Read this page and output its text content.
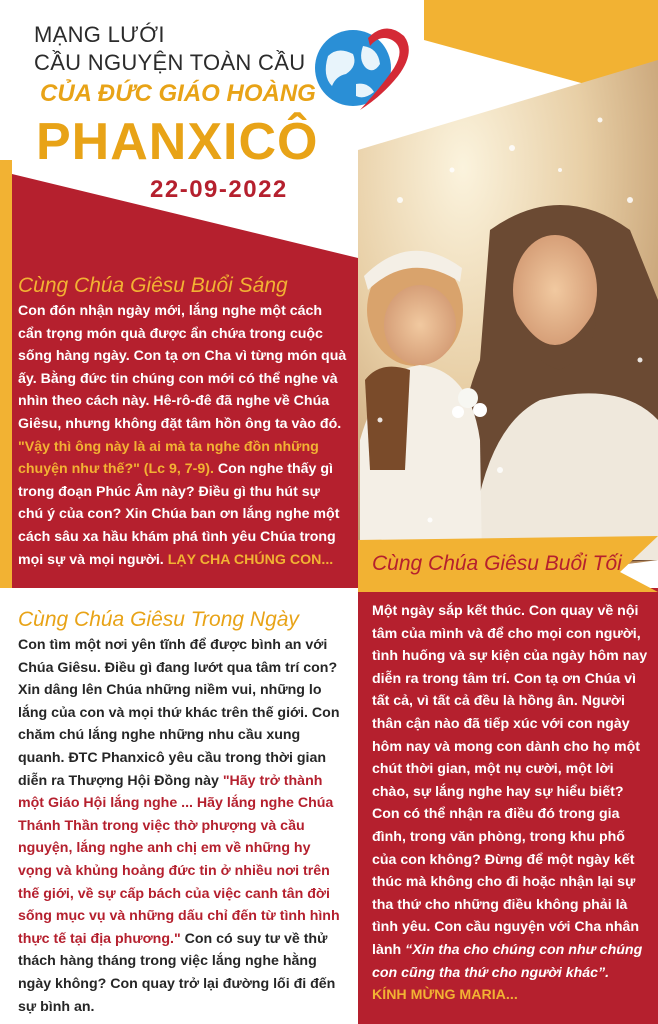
MẠNG LƯỚI
CẦU NGUYỆN TOÀN CẦU
CỦA ĐỨC GIÁO HOÀNG
PHANXICÔ
22-09-2022
Cùng Chúa Giêsu Buổi Sáng
Con đón nhận ngày mới, lắng nghe một cách cẩn trọng món quà được ẩn chứa trong cuộc sống hàng ngày. Con tạ ơn Cha vì từng món quà ấy. Bằng đức tin chúng con mới có thể nghe và nhìn theo cách này. Hê-rô-đê đã nghe về Chúa Giêsu, nhưng không đặt tâm hồn ông ta vào đó. "Vậy thì ông này là ai mà ta nghe đồn những chuyện như thế?" (Lc 9, 7-9). Con nghe thấy gì trong đoạn Phúc Âm này? Điều gì thu hút sự chú ý của con? Xin Chúa ban ơn lắng nghe một cách sâu xa hầu khám phá tình yêu Chúa trong mọi sự và mọi người. LẠY CHA CHÚNG CON...
Cùng Chúa Giêsu Trong Ngày
Con tìm một nơi yên tĩnh để được bình an với Chúa Giêsu. Điều gì đang lướt qua tâm trí con? Xin dâng lên Chúa những niềm vui, những lo lắng của con và mọi thứ khác trên thế giới. Con chăm chú lắng nghe những nhu cầu xung quanh. ĐTC Phanxicô yêu cầu trong thời gian diễn ra Thượng Hội Đồng này "Hãy trở thành một Giáo Hội lắng nghe ... Hãy lắng nghe Chúa Thánh Thần trong việc thờ phượng và cầu nguyện, lắng nghe anh chị em về những hy vọng và khủng hoảng đức tin ở nhiều nơi trên thế giới, về sự cấp bách của việc canh tân đời sống mục vụ và những dấu chỉ đến từ tình hình thực tế tại địa phương." Con có suy tư về thử thách hàng tháng trong việc lắng nghe hằng ngày không? Con quay trở lại đường lối đi đến sự bình an.
Cùng Chúa Giêsu Buổi Tối
Một ngày sắp kết thúc. Con quay về nội tâm của mình và để cho mọi con người, tình huống và sự kiện của ngày hôm nay diễn ra trong tâm trí. Con tạ ơn Chúa vì tất cả, vì tất cả đều là hồng ân. Người thân cận nào đã tiếp xúc với con ngày hôm nay và mong con dành cho họ một chút thời gian, một nụ cười, một lời chào, sự lắng nghe hay sự hiểu biết? Con có thể nhận ra điều đó trong gia đình, trong văn phòng, trong khu phố của con không? Đừng để một ngày kết thúc mà không cho đi hoặc nhận lại sự tha thứ cho những điều không phải là tình yêu. Con cầu nguyện với Cha nhân lành “Xin tha cho chúng con như chúng con cũng tha thứ cho người khác”.
KÍNH MỪNG MARIA...
